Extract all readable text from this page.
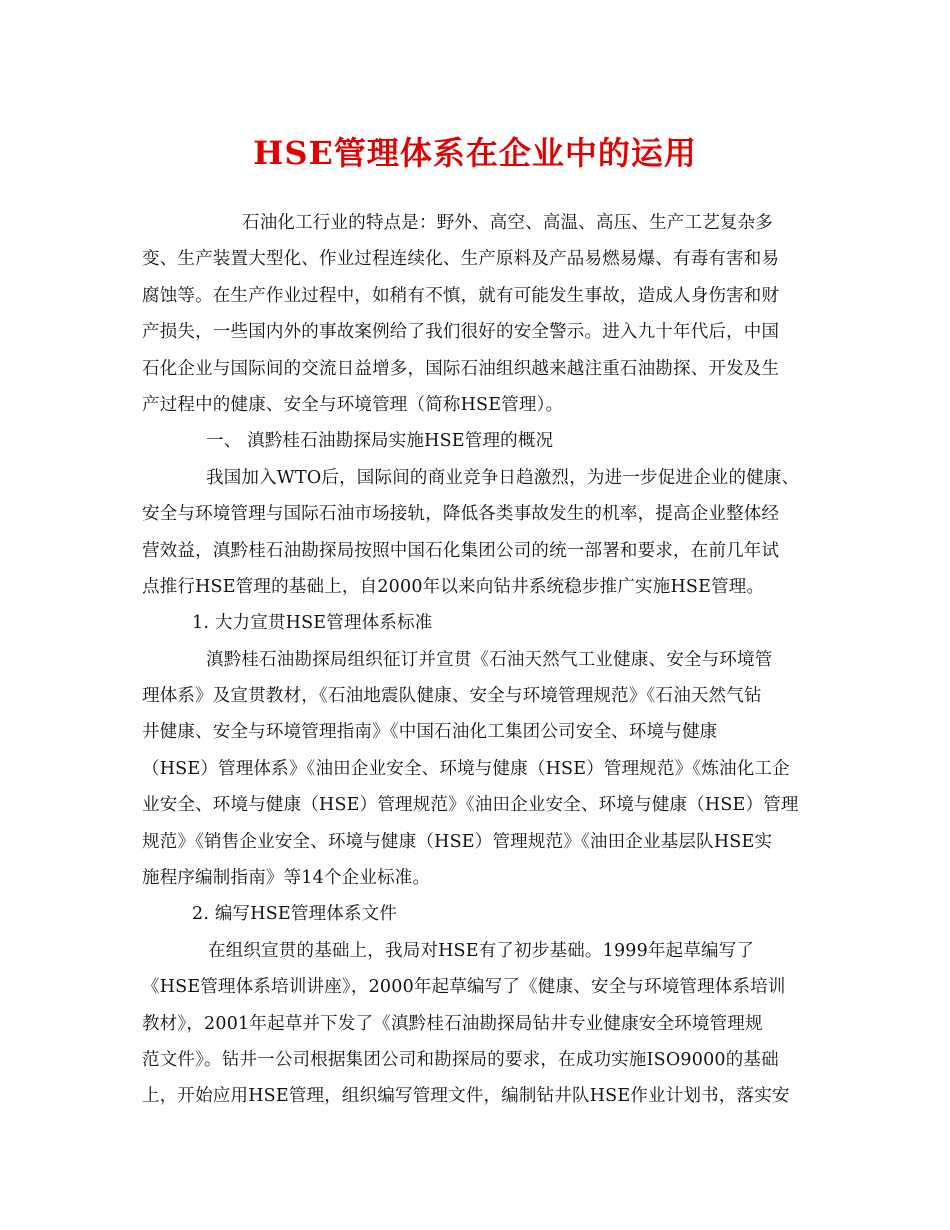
HSE管理体系在企业中的运用
石油化工行业的特点是：野外、高空、高温、高压、生产工艺复杂多
变、生产装置大型化、作业过程连续化、生产原料及产品易燃易爆、有毒有害和易
腐蚀等。在生产作业过程中，如稍有不慎，就有可能发生事故，造成人身伤害和财
产损失，一些国内外的事故案例给了我们很好的安全警示。进入九十年代后，中国
石化企业与国际间的交流日益增多，国际石油组织越来越注重石油勘探、开发及生
产过程中的健康、安全与环境管理（简称HSE管理）。
一、 滇黔桂石油勘探局实施HSE管理的概况
我国加入WTO后，国际间的商业竞争日趋激烈，为进一步促进企业的健康、
安全与环境管理与国际石油市场接轨，降低各类事故发生的机率，提高企业整体经
营效益，滇黔桂石油勘探局按照中国石化集团公司的统一部署和要求，在前几年试
点推行HSE管理的基础上，自2000年以来向钻井系统稳步推广实施HSE管理。
1. 大力宣贯HSE管理体系标准
滇黔桂石油勘探局组织征订并宣贯《石油天然气工业健康、安全与环境管
理体系》及宣贯教材，《石油地震队健康、安全与环境管理规范》《石油天然气钻
井健康、安全与环境管理指南》《中国石油化工集团公司安全、环境与健康
（HSE）管理体系》《油田企业安全、环境与健康（HSE）管理规范》《炼油化工企
业安全、环境与健康（HSE）管理规范》《油田企业安全、环境与健康（HSE）管理
规范》《销售企业安全、环境与健康（HSE）管理规范》《油田企业基层队HSE实
施程序编制指南》等14个企业标准。
2. 编写HSE管理体系文件
在组织宣贯的基础上，我局对HSE有了初步基础。1999年起草编写了
《HSE管理体系培训讲座》，2000年起草编写了《健康、安全与环境管理体系培训
教材》，2001年起草并下发了《滇黔桂石油勘探局钻井专业健康安全环境管理规
范文件》。钻井一公司根据集团公司和勘探局的要求，在成功实施ISO9000的基础
上，开始应用HSE管理，组织编写管理文件，编制钻井队HSE作业计划书，落实安
